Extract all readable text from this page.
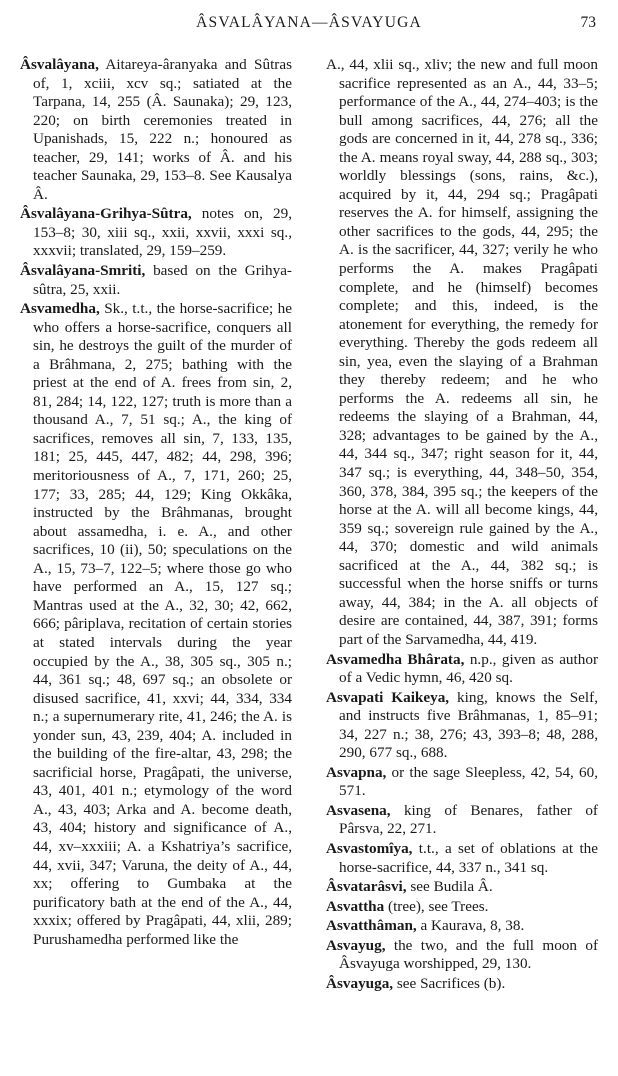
ÂSVALÂYANA—ÂSVAYUGA	73

Âsvalâyana, Aitareya-âranyaka and Sûtras of, 1, xciii, xcv sq.; satiated at the Tarpana, 14, 255 (Â. Saunaka); 29, 123, 220; on birth ceremonies treated in Upanishads, 15, 222 n.; honoured as teacher, 29, 141; works of Â. and his teacher Saunaka, 29, 153–8. See Kausalya Â.

Âsvalâyana-Grihya-Sûtra, notes on, 29, 153–8; 30, xiii sq., xxii, xxvii, xxxi sq., xxxvii; translated, 29, 159–259.

Âsvalâyana-Smriti, based on the Grihya-sûtra, 25, xxii.

Asvamedha, Sk., t.t., the horse-sacrifice; he who offers a horse-sacrifice, conquers all sin, he destroys the guilt of the murder of a Brâhmana, 2, 275; bathing with the priest at the end of A. frees from sin, 2, 81, 284; 14, 122, 127; truth is more than a thousand A., 7, 51 sq.; A., the king of sacrifices, removes all sin, 7, 133, 135, 181; 25, 445, 447, 482; 44, 298, 396; meritoriousness of A., 7, 171, 260; 25, 177; 33, 285; 44, 129; King Okkâka, instructed by the Brâhmanas, brought about assamedha, i. e. A., and other sacrifices, 10 (ii), 50; speculations on the A., 15, 73–7, 122–5; where those go who have performed an A., 15, 127 sq.; Mantras used at the A., 32, 30; 42, 662, 666; pâriplava, recitation of certain stories at stated intervals during the year occupied by the A., 38, 305 sq., 305 n.; 44, 361 sq.; 48, 697 sq.; an obsolete or disused sacrifice, 41, xxvi; 44, 334, 334 n.; a supernumerary rite, 41, 246; the A. is yonder sun, 43, 239, 404; A. included in the building of the fire-altar, 43, 298; the sacrificial horse, Pragâpati, the universe, 43, 401, 401 n.; etymology of the word A., 43, 403; Arka and A. become death, 43, 404; history and significance of A., 44, xv–xxxiii; A. a Kshatriya’s sacrifice, 44, xvii, 347; Varuna, the deity of A., 44, xx; offering to Gumbaka at the purificatory bath at the end of the A., 44, xxxix; offered by Pragâpati, 44, xlii, 289; Purushamedha performed like the

A., 44, xlii sq., xliv; the new and full moon sacrifice represented as an A., 44, 33–5; performance of the A., 44, 274–403; is the bull among sacrifices, 44, 276; all the gods are concerned in it, 44, 278 sq., 336; the A. means royal sway, 44, 288 sq., 303; worldly blessings (sons, rains, &c.), acquired by it, 44, 294 sq.; Pragâpati reserves the A. for himself, assigning the other sacrifices to the gods, 44, 295; the A. is the sacrificer, 44, 327; verily he who performs the A. makes Pragâpati complete, and he (himself) becomes complete; and this, indeed, is the atonement for everything, the remedy for everything. Thereby the gods redeem all sin, yea, even the slaying of a Brahman they thereby redeem; and he who performs the A. redeems all sin, he redeems the slaying of a Brahman, 44, 328; advantages to be gained by the A., 44, 344 sq., 347; right season for it, 44, 347 sq.; is everything, 44, 348–50, 354, 360, 378, 384, 395 sq.; the keepers of the horse at the A. will all become kings, 44, 359 sq.; sovereign rule gained by the A., 44, 370; domestic and wild animals sacrificed at the A., 44, 382 sq.; is successful when the horse sniffs or turns away, 44, 384; in the A. all objects of desire are contained, 44, 387, 391; forms part of the Sarvamedha, 44, 419.

Asvamedha Bhârata, n.p., given as author of a Vedic hymn, 46, 420 sq.

Asvapati Kaikeya, king, knows the Self, and instructs five Brâhmanas, 1, 85–91; 34, 227 n.; 38, 276; 43, 393–8; 48, 288, 290, 677 sq., 688.

Asvapna, or the sage Sleepless, 42, 54, 60, 571.

Asvasena, king of Benares, father of Pârsva, 22, 271.

Asvastomîya, t.t., a set of oblations at the horse-sacrifice, 44, 337 n., 341 sq.

Âsvatarâsvi, see Budila Â.

Asvattha (tree), see Trees.

Asvatthâman, a Kaurava, 8, 38.

Asvayug, the two, and the full moon of Âsvayuga worshipped, 29, 130.

Âsvayuga, see Sacrifices (b).
